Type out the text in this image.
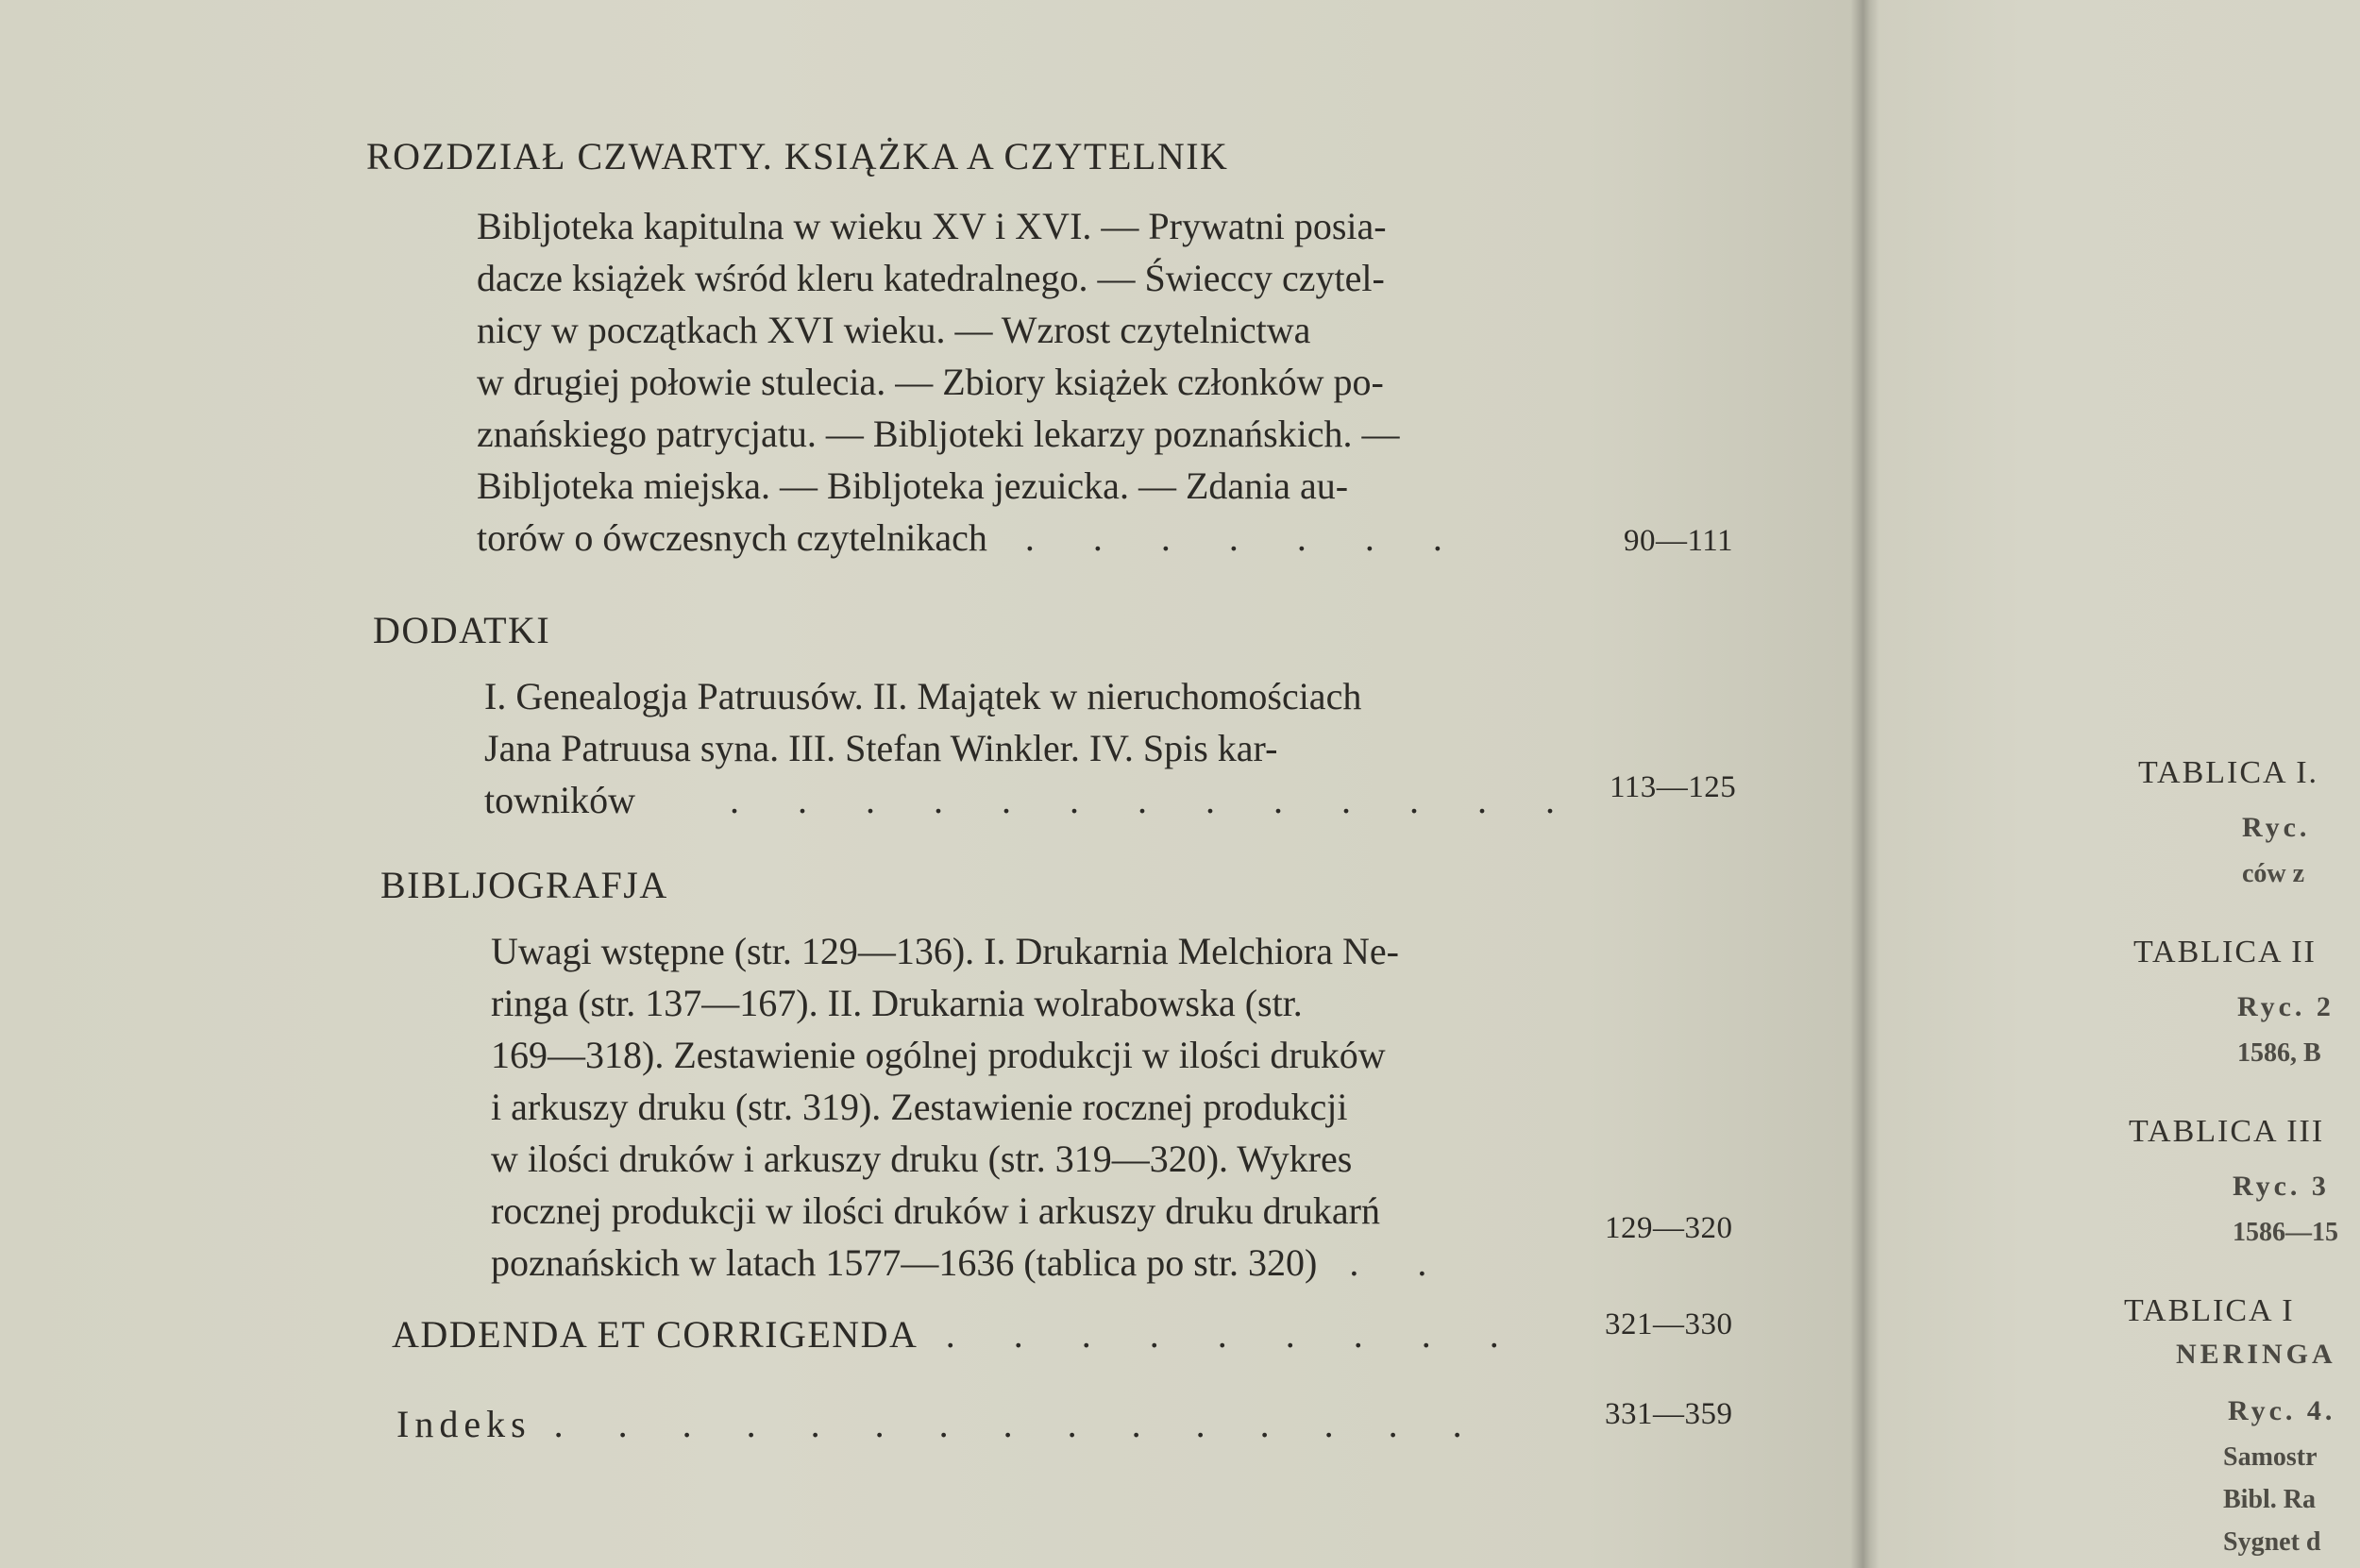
ROZDZIAŁ CZWARTY. KSIĄŻKA A CZYTELNIK
Bibljoteka kapitulna w wieku XV i XVI. — Prywatni posia-
dacze książek wśród kleru katedralnego. — Świeccy czytel-
nicy w początkach XVI wieku. — Wzrost czytelnictwa
w drugiej połowie stulecia. — Zbiory książek członków po-
znańskiego patrycjatu. — Bibljoteki lekarzy poznańskich. —
Bibljoteka miejska. — Bibljoteka jezuicka. — Zdania au-
torów o ówczesnych czytelnikach . . . . . . .	90—111
DODATKI
I. Genealogja Patruusów. II. Majątek w nieruchomościach
Jana Patruusa syna. III. Stefan Winkler. IV. Spis kar-
towników	. . . . . . . . . . . . . 113—125
BIBLJOGRAFJA
Uwagi wstępne (str. 129—136). I. Drukarnia Melchiora Ne-
ringa (str. 137—167). II. Drukarnia wolrabowska (str.
169—318). Zestawienie ogólnej produkcji w ilości druków
i arkuszy druku (str. 319). Zestawienie rocznej produkcji
w ilości druków i arkuszy druku (str. 319—320). Wykres
rocznej produkcji w ilości druków i arkuszy druku drukarń
poznańskich w latach 1577—1636 (tablica po str. 320) . .
129—320
ADDENDA ET CORRIGENDA . . . . . . . . .	321—330
Indeks . . . . . . . . . . . . . . .	331—359
TABLICA I.
Ryc.
ców z
TABLICA II
Ryc. 2
1586, B
TABLICA III
Ryc. 3
1586—15
TABLICA I
NERINGA
Ryc. 4.
Samostr
Bibl. Ra
Sygnet d
